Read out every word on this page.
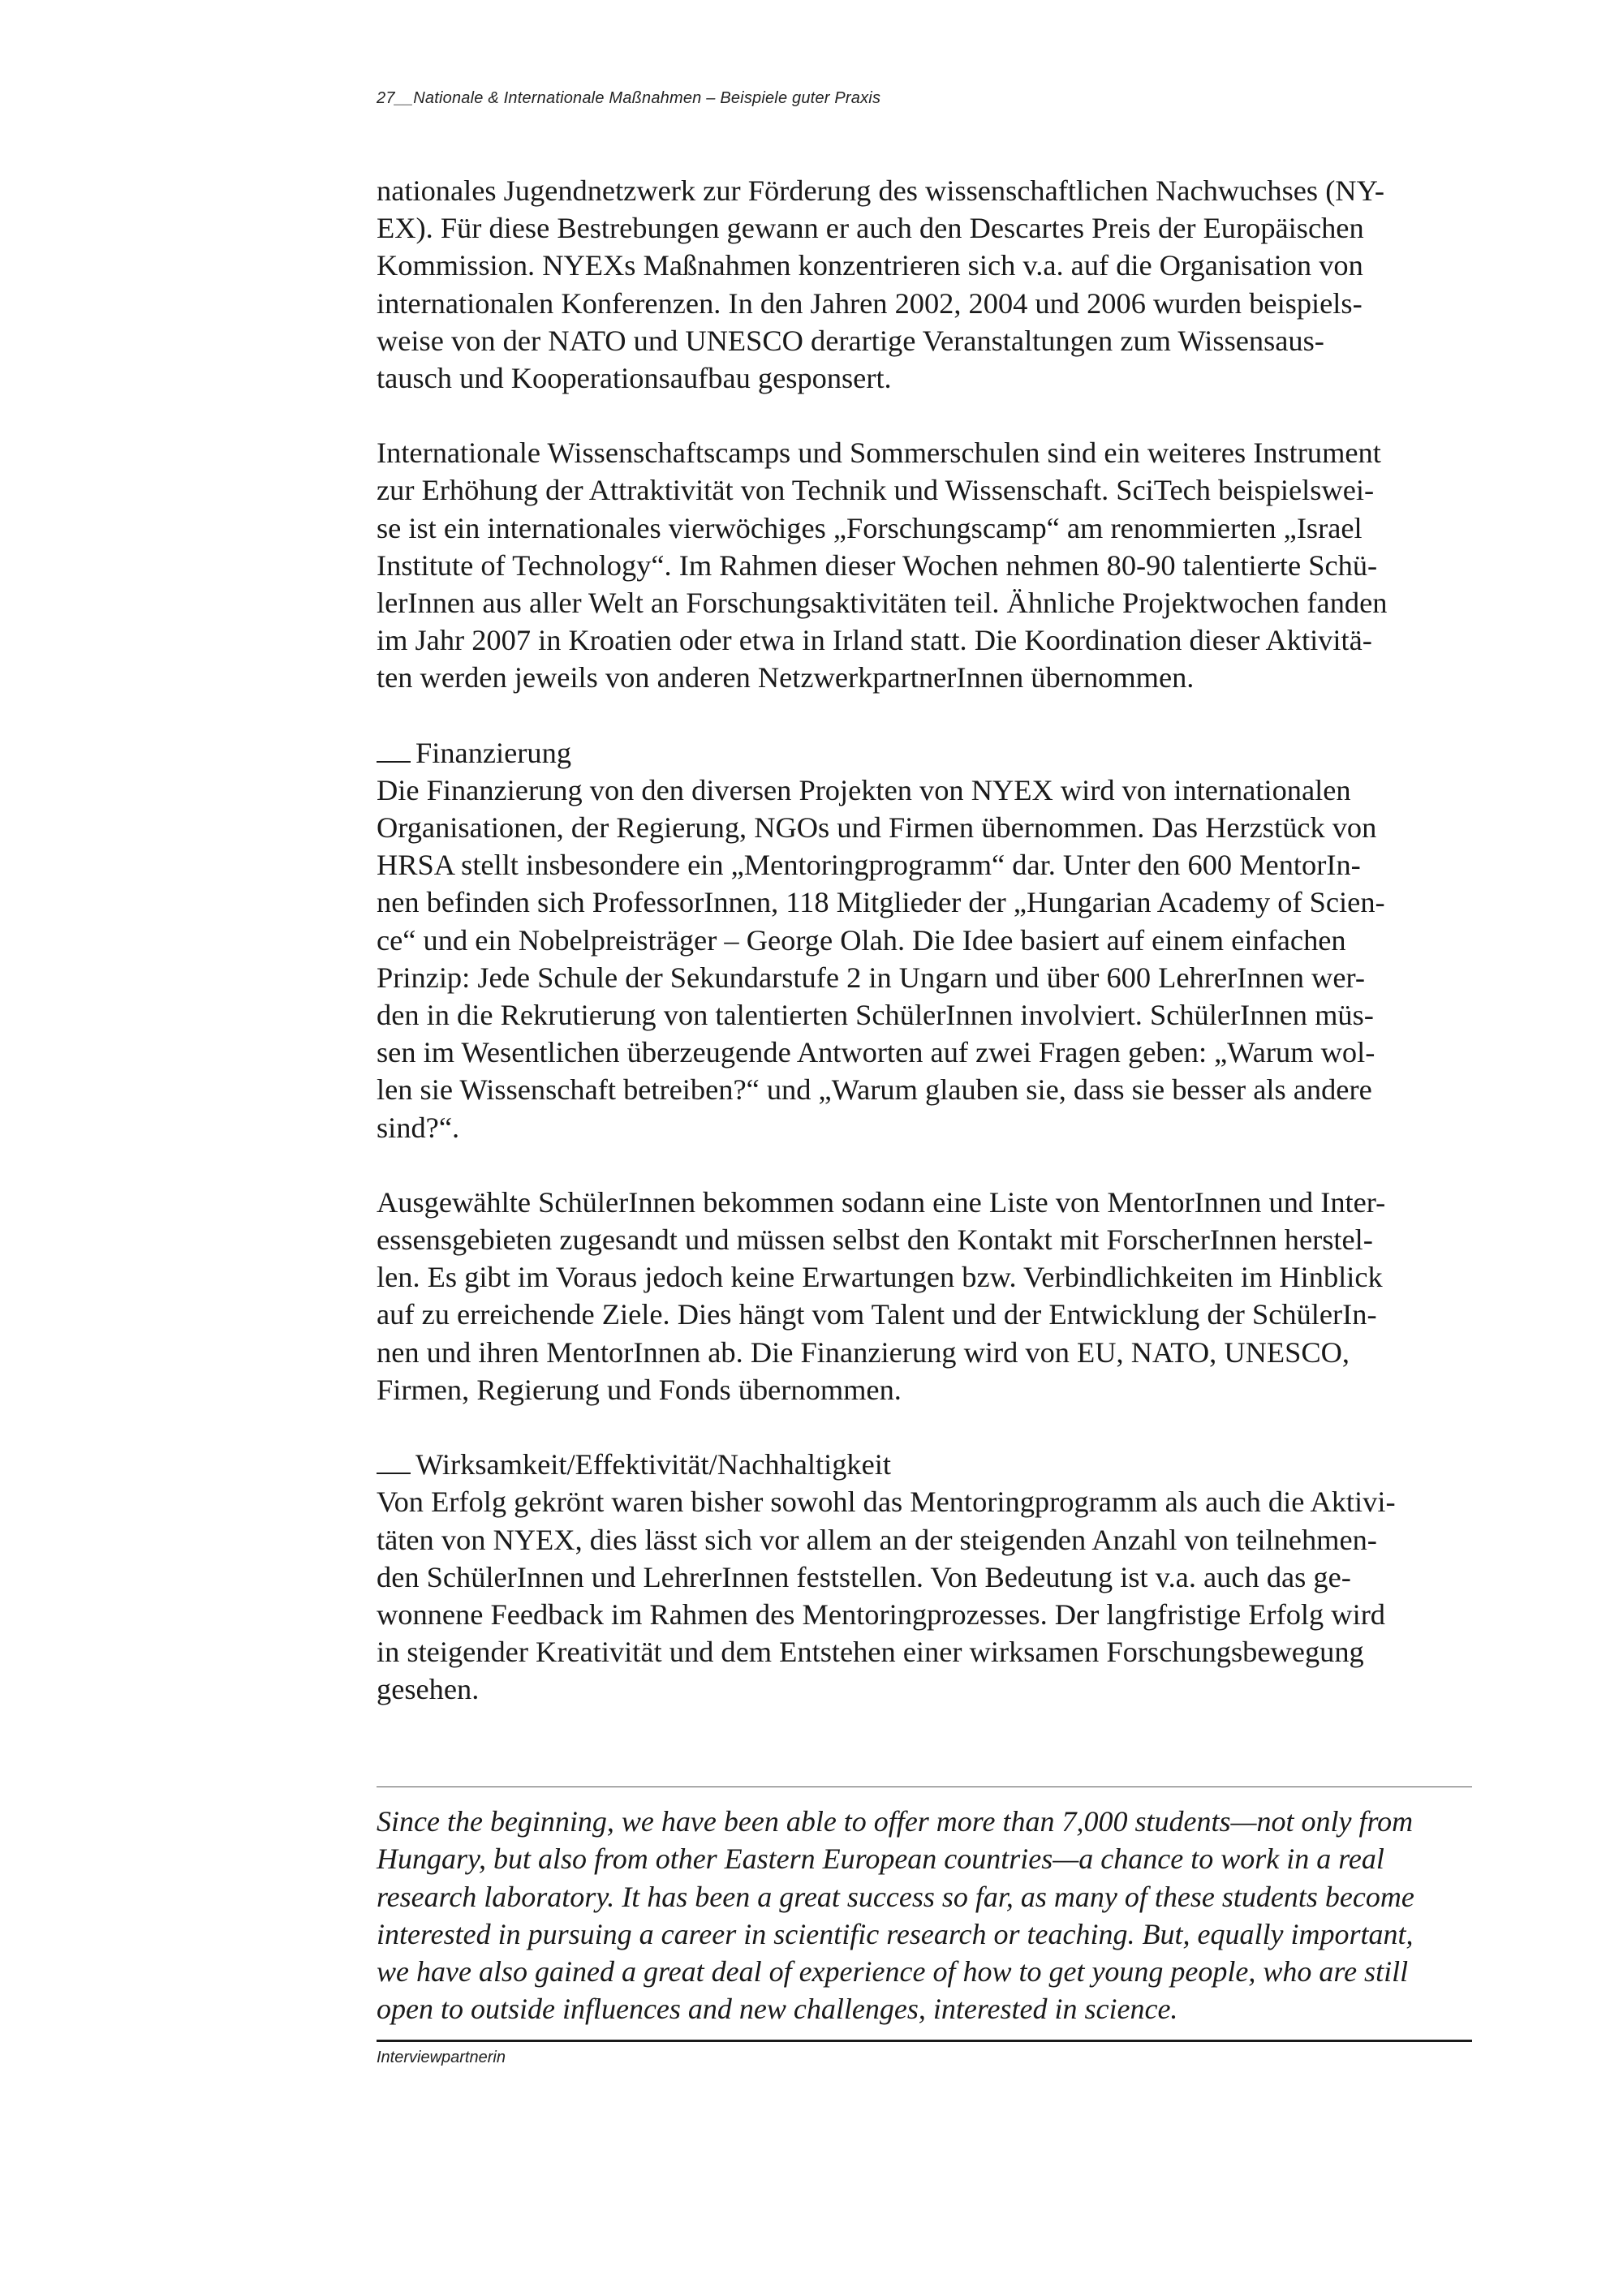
27__Nationale & Internationale Maßnahmen – Beispiele guter Praxis

nationales Jugendnetzwerk zur Förderung des wissenschaftlichen Nachwuchses (NY-
EX). Für diese Bestrebungen gewann er auch den Descartes Preis der Europäischen
Kommission. NYEXs Maßnahmen konzentrieren sich v.a. auf die Organisation von
internationalen Konferenzen. In den Jahren 2002, 2004 und 2006 wurden beispiels-
weise von der NATO und UNESCO derartige Veranstaltungen zum Wissensaus-
tausch und Kooperationsaufbau gesponsert.

Internationale Wissenschaftscamps und Sommerschulen sind ein weiteres Instrument
zur Erhöhung der Attraktivität von Technik und Wissenschaft. SciTech beispielswei-
se ist ein internationales vierwöchiges „Forschungscamp“ am renommierten „Israel
Institute of Technology“. Im Rahmen dieser Wochen nehmen 80-90 talentierte Schü-
lerInnen aus aller Welt an Forschungsaktivitäten teil. Ähnliche Projektwochen fanden
im Jahr 2007 in Kroatien oder etwa in Irland statt. Die Koordination dieser Aktivitä-
ten werden jeweils von anderen NetzwerkpartnerInnen übernommen.

Finanzierung

Die Finanzierung von den diversen Projekten von NYEX wird von internationalen
Organisationen, der Regierung, NGOs und Firmen übernommen. Das Herzstück von
HRSA stellt insbesondere ein „Mentoringprogramm“ dar. Unter den 600 MentorIn-
nen befinden sich ProfessorInnen, 118 Mitglieder der „Hungarian Academy of Scien-
ce“ und ein Nobelpreisträger – George Olah. Die Idee basiert auf einem einfachen
Prinzip: Jede Schule der Sekundarstufe 2 in Ungarn und über 600 LehrerInnen wer-
den in die Rekrutierung von talentierten SchülerInnen involviert. SchülerInnen müs-
sen im Wesentlichen überzeugende Antworten auf zwei Fragen geben: „Warum wol-
len sie Wissenschaft betreiben?“ und „Warum glauben sie, dass sie besser als andere
sind?“.

Ausgewählte SchülerInnen bekommen sodann eine Liste von MentorInnen und Inter-
essensgebieten zugesandt und müssen selbst den Kontakt mit ForscherInnen herstel-
len. Es gibt im Voraus jedoch keine Erwartungen bzw. Verbindlichkeiten im Hinblick
auf zu erreichende Ziele. Dies hängt vom Talent und der Entwicklung der SchülerIn-
nen und ihren MentorInnen ab. Die Finanzierung wird von EU, NATO, UNESCO,
Firmen, Regierung und Fonds übernommen.

Wirksamkeit/Effektivität/Nachhaltigkeit

Von Erfolg gekrönt waren bisher sowohl das Mentoringprogramm als auch die Aktivi-
täten von NYEX, dies lässt sich vor allem an der steigenden Anzahl von teilnehmen-
den SchülerInnen und LehrerInnen feststellen. Von Bedeutung ist v.a. auch das ge-
wonnene Feedback im Rahmen des Mentoringprozesses. Der langfristige Erfolg wird
in steigender Kreativität und dem Entstehen einer wirksamen Forschungsbewegung
gesehen.

Since the beginning, we have been able to offer more than 7,000 students—not only from
Hungary, but also from other Eastern European countries—a chance to work in a real
research laboratory. It has been a great success so far, as many of these students become
interested in pursuing a career in scientific research or teaching. But, equally important,
we have also gained a great deal of experience of how to get young people, who are still
open to outside influences and new challenges, interested in science.

Interviewpartnerin
